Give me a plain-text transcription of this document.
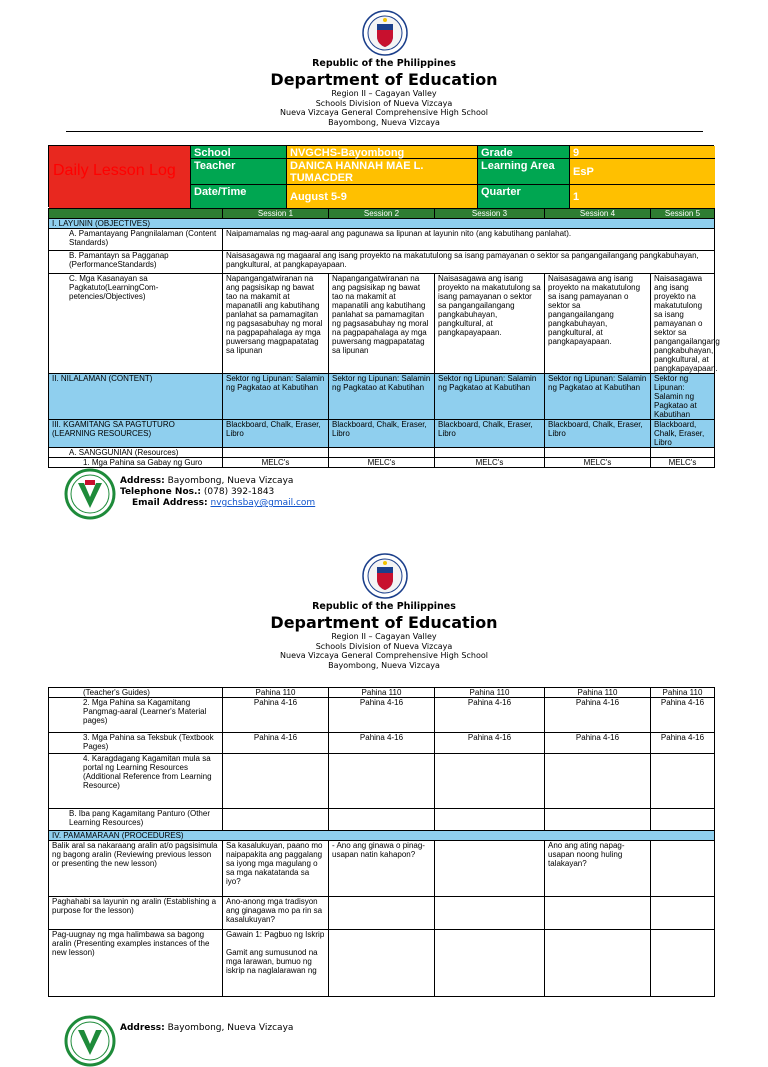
Republic of the Philippines
Department of Education
Region II – Cagayan Valley
Schools Division of Nueva Vizcaya
Nueva Vizcaya General Comprehensive High School
Bayombong, Nueva Vizcaya
Daily Lesson Log
School	NVGCHS-Bayombong
Teacher	DANICA HANNAH MAE L. TUMACDER
Date/Time	August 5-9
Grade	9
Learning Area	EsP
Quarter	1
	Session 1	Session 2	Session 3	Session 4	Session 5
I. LAYUNIN (OBJECTIVES)					
A. Pamantayang Pangnilalaman (Content Standards)	Naipamamalas ng mag-aaral ang pagunawa sa lipunan at layunin nito (ang kabutihang panlahat).				
B. Pamantayn sa Pagganap (PerformanceStandards)	Naisasagawa ng magaaral ang isang proyekto na makatutulong sa isang pamayanan o sektor sa pangangailangang pangkabuhayan, pangkultural, at pangkapayapaan.				
C. Mga Kasanayan sa Pagkatuto(LearningCom-petencies/Objectives)	Napangangatwiranan na ang pagsisikap ng bawat tao na makamit at mapanatili ang kabutihang panlahat sa pamamagitan ng pagsasabuhay ng moral na pagpapahalaga ay mga puwersang magpapatatag sa lipunan	Napangangatwiranan na ang pagsisikap ng bawat tao na makamit at mapanatili ang kabutihang panlahat sa pamamagitan ng pagsasabuhay ng moral na pagpapahalaga ay mga puwersang magpapatatag sa lipunan	Naisasagawa ang isang proyekto na makatutulong sa isang pamayanan o sektor sa pangangailangang pangkabuhayan, pangkultural, at pangkapayapaan.	Naisasagawa ang isang proyekto na makatutulong sa isang pamayanan o sektor sa pangangailangang pangkabuhayan, pangkultural, at pangkapayapaan.	Naisasagawa ang isang proyekto na makatutulong sa isang pamayanan o sektor sa pangangailangang pangkabuhayan, pangkultural, at pangkapayapaan.
II. NILALAMAN (CONTENT)	Sektor ng Lipunan: Salamin ng Pagkatao at Kabutihan	Sektor ng Lipunan: Salamin ng Pagkatao at Kabutihan	Sektor ng Lipunan: Salamin ng Pagkatao at Kabutihan	Sektor ng Lipunan: Salamin ng Pagkatao at Kabutihan	Sektor ng Lipunan: Salamin ng Pagkatao at Kabutihan
III. KGAMITANG SA PAGTUTURO (LEARNING RESOURCES)	Blackboard, Chalk, Eraser, Libro	Blackboard, Chalk, Eraser, Libro	Blackboard, Chalk, Eraser, Libro	Blackboard, Chalk, Eraser, Libro	Blackboard, Chalk, Eraser, Libro
A. SANGGUNIAN (Resources)					
1. Mga Pahina sa Gabay ng Guro	MELC's	MELC's	MELC's	MELC's	MELC's
Address: Bayombong, Nueva Vizcaya
Telephone Nos.: (078) 392-1843
Email Address: nvgchsbay@gmail.com
Republic of the Philippines
Department of Education
Region II – Cagayan Valley
Schools Division of Nueva Vizcaya
Nueva Vizcaya General Comprehensive High School
Bayombong, Nueva Vizcaya
(Teacher's Guides)	Pahina 110	Pahina 110	Pahina 110	Pahina 110	Pahina 110
2. Mga Pahina sa Kagamitang Pangmag-aaral (Learner's Material pages)	Pahina 4-16	Pahina 4-16	Pahina 4-16	Pahina 4-16	Pahina 4-16
3. Mga Pahina sa Teksbuk (Textbook Pages)	Pahina 4-16	Pahina 4-16	Pahina 4-16	Pahina 4-16	Pahina 4-16
4. Karagdagang Kagamitan mula sa portal ng Learning Resources (Additional Reference from Learning Resource)					
B. Iba pang Kagamitang Panturo (Other Learning Resources)					
IV. PAMAMARAAN (PROCEDURES)					
Balik aral sa nakaraang aralin at/o pagsisimula ng bagong aralin (Reviewing previous lesson or presenting the new lesson)	Sa kasalukuyan, paano mo naipapakita ang paggalang sa iyong mga magulang o sa mga nakatatanda sa iyo?	- Ano ang ginawa o pinag-usapan natin kahapon?		Ano ang ating napag-usapan noong huling talakayan?	
Paghahabi sa layunin ng aralin (Establishing a purpose for the lesson)	Ano-anong mga tradisyon ang ginagawa mo pa rin sa kasalukuyan?				
Pag-uugnay ng mga halimbawa sa bagong aralin (Presenting examples instances of the new lesson)	Gawain 1: Pagbuo ng Iskrip
Gamit ang sumusunod na mga larawan, bumuo ng iskrip na naglalarawan ng				

Address: Bayombong, Nueva Vizcaya
